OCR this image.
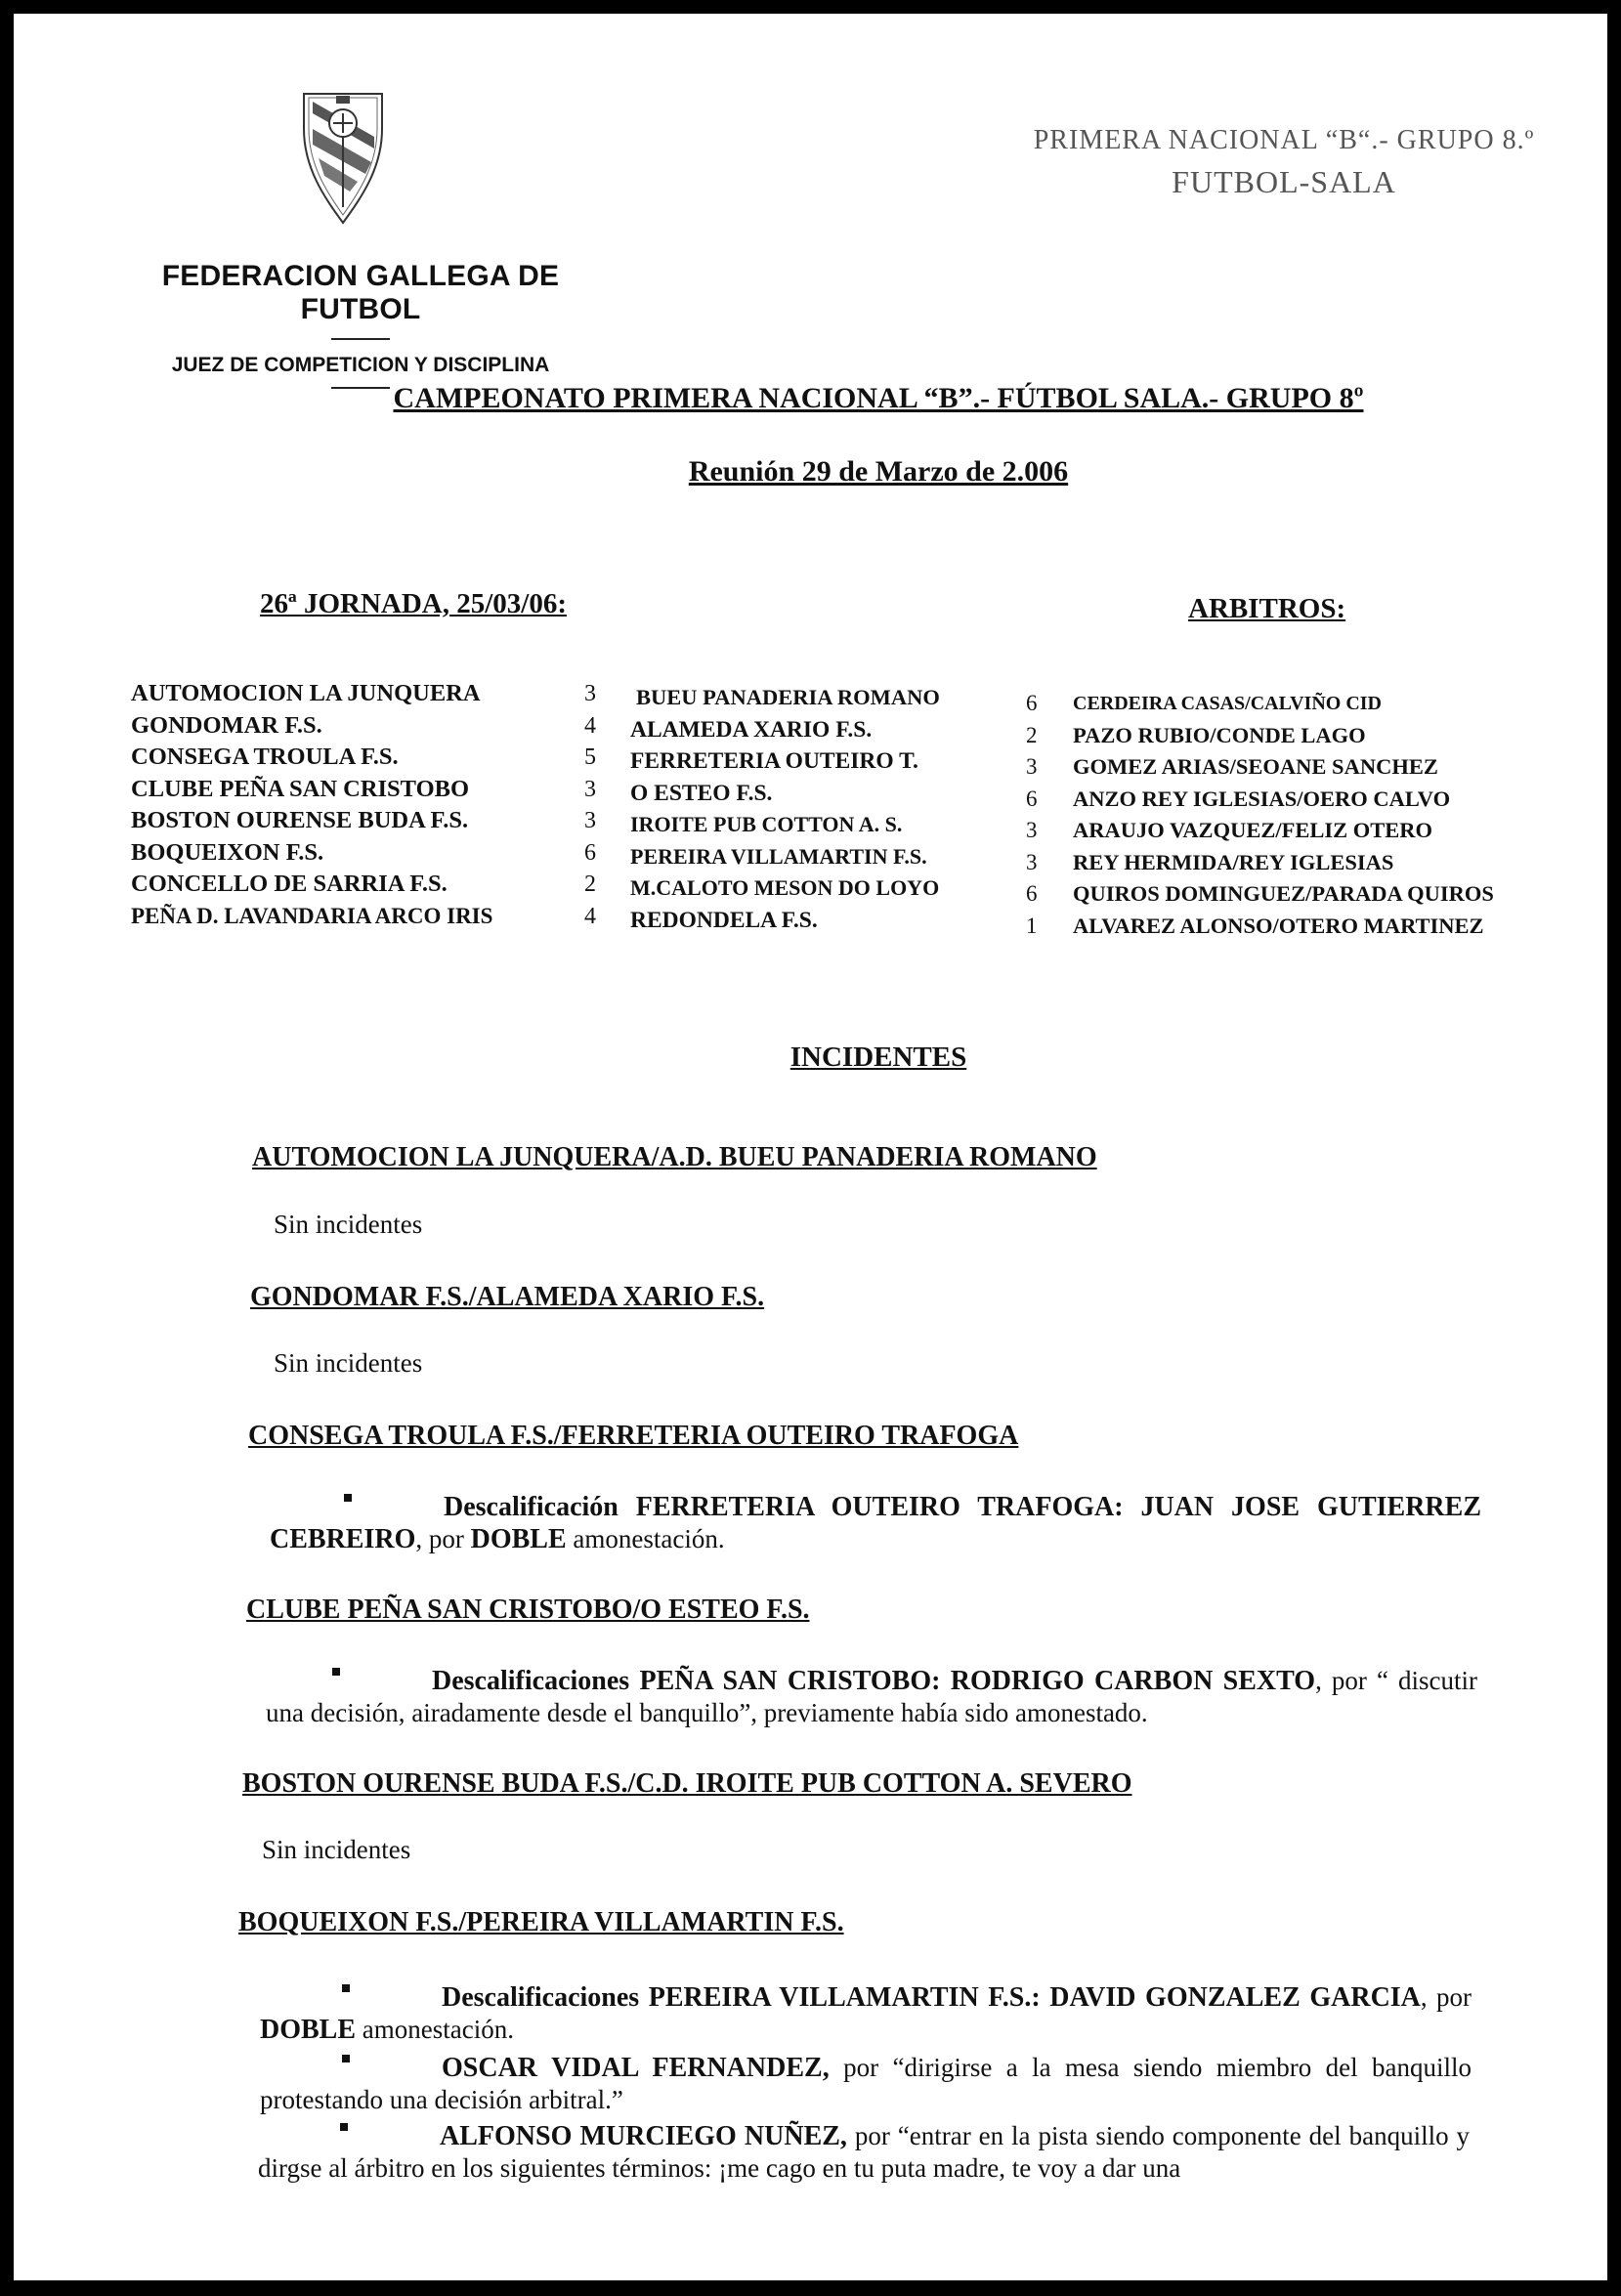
FEDERACION GALLEGA DE FUTBOL
JUEZ DE COMPETICION Y DISCIPLINA
PRIMERA NACIONAL “B“.- GRUPO 8.º
FUTBOL-SALA
CAMPEONATO PRIMERA NACIONAL “B”.- FÚTBOL SALA.- GRUPO 8º
Reunión 29 de Marzo de 2.006
26ª JORNADA, 25/03/06:	ARBITROS:
AUTOMOCION LA JUNQUERA
GONDOMAR F.S.
CONSEGA TROULA F.S.
CLUBE PEÑA SAN CRISTOBO
BOSTON OURENSE BUDA F.S.
BOQUEIXON F.S.
CONCELLO DE SARRIA F.S.
PEÑA D. LAVANDARIA ARCO IRIS
3
4
5
3
3
6
2
4
BUEU PANADERIA ROMANO
ALAMEDA XARIO F.S.
FERRETERIA OUTEIRO T.
O ESTEO F.S.
IROITE PUB COTTON A. S.
PEREIRA VILLAMARTIN F.S.
M.CALOTO MESON DO LOYO
REDONDELA F.S.
6
2
3
6
3
3
6
1
CERDEIRA CASAS/CALVIÑO CID
PAZO RUBIO/CONDE LAGO
GOMEZ ARIAS/SEOANE SANCHEZ
ANZO REY IGLESIAS/OERO CALVO
ARAUJO VAZQUEZ/FELIZ OTERO
REY HERMIDA/REY IGLESIAS
QUIROS DOMINGUEZ/PARADA QUIROS
ALVAREZ ALONSO/OTERO MARTINEZ
INCIDENTES
AUTOMOCION LA JUNQUERA/A.D. BUEU PANADERIA ROMANO
Sin incidentes
GONDOMAR F.S./ALAMEDA XARIO F.S.
Sin incidentes
CONSEGA TROULA F.S./FERRETERIA OUTEIRO TRAFOGA
Descalificación FERRETERIA OUTEIRO TRAFOGA: JUAN JOSE GUTIERREZ CEBREIRO, por DOBLE amonestación.
CLUBE PEÑA SAN CRISTOBO/O ESTEO F.S.
Descalificaciones PEÑA SAN CRISTOBO: RODRIGO CARBON SEXTO, por “ discutir una decisión, airadamente desde el banquillo”, previamente había sido amonestado.
BOSTON OURENSE BUDA F.S./C.D. IROITE PUB COTTON A. SEVERO
Sin incidentes
BOQUEIXON F.S./PEREIRA VILLAMARTIN F.S.
Descalificaciones PEREIRA VILLAMARTIN F.S.: DAVID GONZALEZ GARCIA, por DOBLE amonestación.
OSCAR VIDAL FERNANDEZ, por “dirigirse a la mesa siendo miembro del banquillo protestando una decisión arbitral.”
ALFONSO MURCIEGO NUÑEZ, por “entrar en la pista siendo componente del banquillo y dirgse al árbitro en los siguientes términos: ¡me cago en tu puta madre, te voy a dar una
